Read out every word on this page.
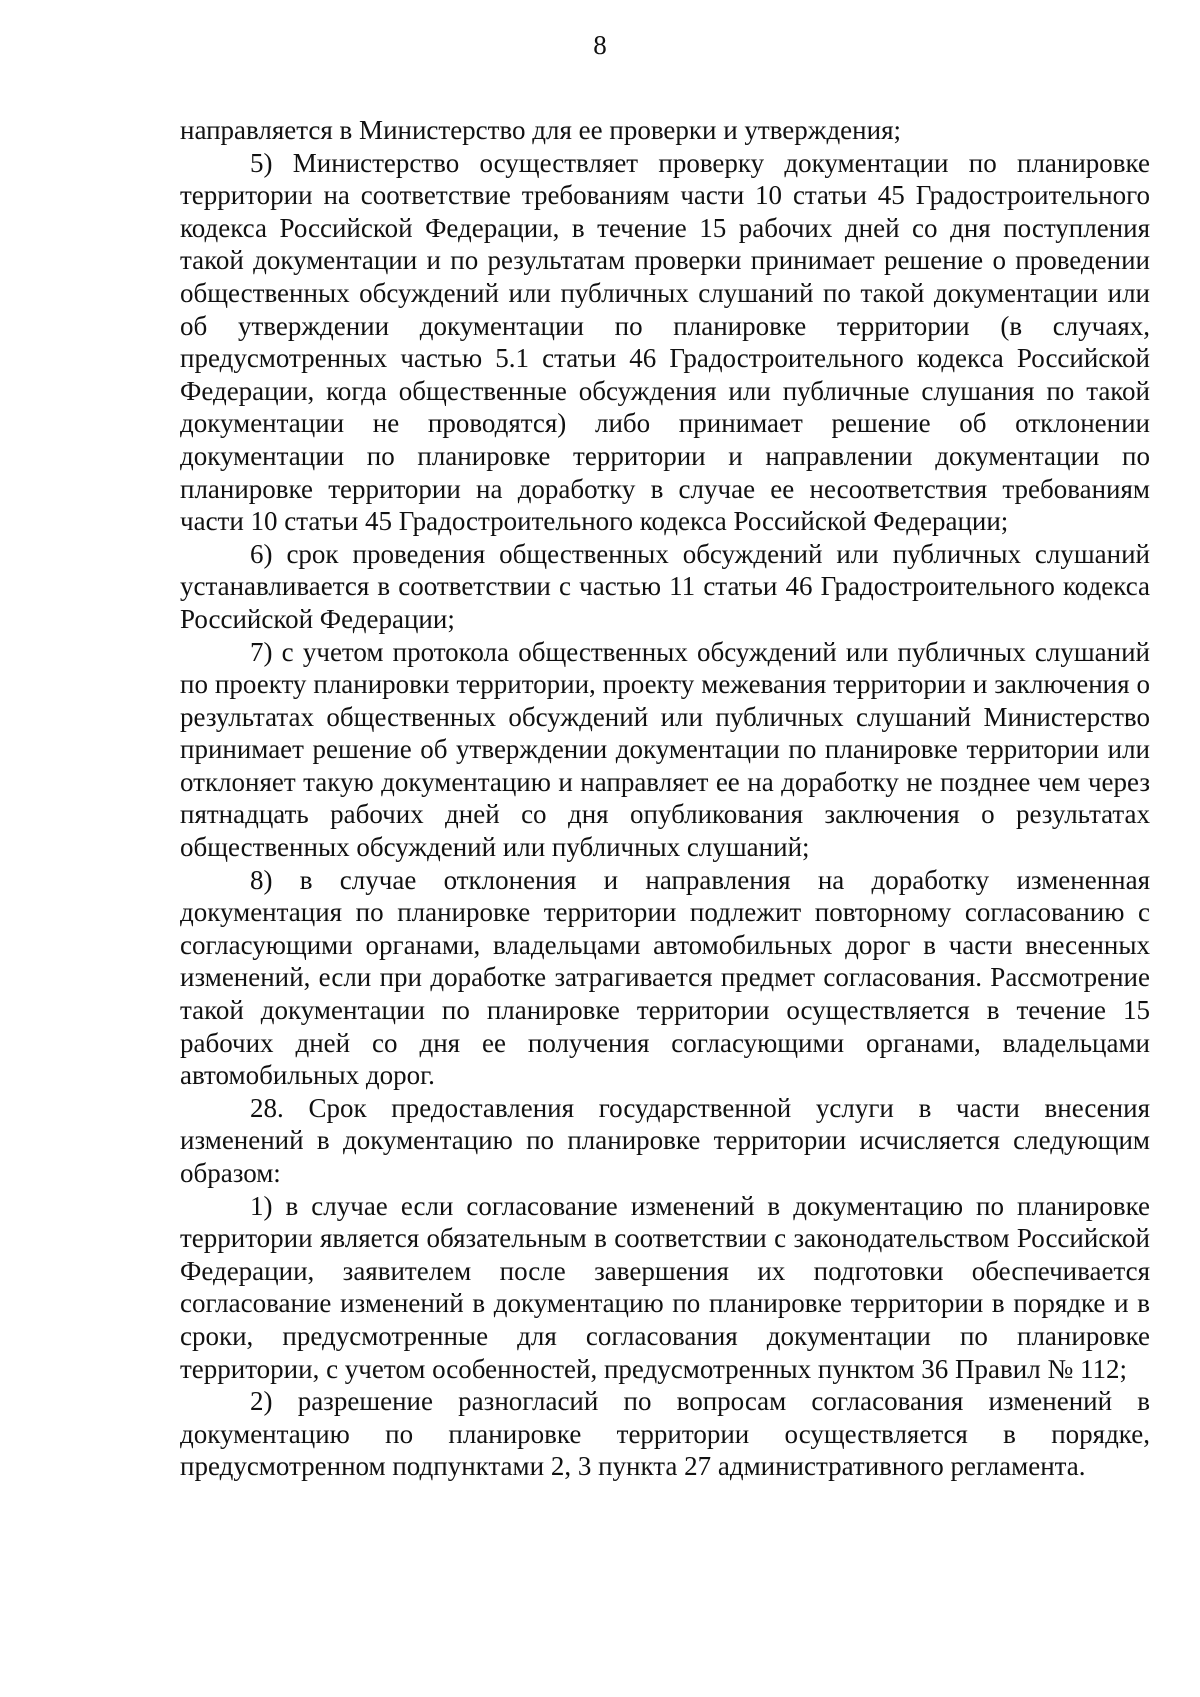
8

направляется в Министерство для ее проверки и утверждения;

5) Министерство осуществляет проверку документации по планировке территории на соответствие требованиям части 10 статьи 45 Градостроительного кодекса Российской Федерации, в течение 15 рабочих дней со дня поступления такой документации и по результатам проверки принимает решение о проведении общественных обсуждений или публичных слушаний по такой документации или об утверждении документации по планировке территории (в случаях, предусмотренных частью 5.1 статьи 46 Градостроительного кодекса Российской Федерации, когда общественные обсуждения или публичные слушания по такой документации не проводятся) либо принимает решение об отклонении документации по планировке территории и направлении документации по планировке территории на доработку в случае ее несоответствия требованиям части 10 статьи 45 Градостроительного кодекса Российской Федерации;

6) срок проведения общественных обсуждений или публичных слушаний устанавливается в соответствии с частью 11 статьи 46 Градостроительного кодекса Российской Федерации;

7) с учетом протокола общественных обсуждений или публичных слушаний по проекту планировки территории, проекту межевания территории и заключения о результатах общественных обсуждений или публичных слушаний Министерство принимает решение об утверждении документации по планировке территории или отклоняет такую документацию и направляет ее на доработку не позднее чем через пятнадцать рабочих дней со дня опубликования заключения о результатах общественных обсуждений или публичных слушаний;

8) в случае отклонения и направления на доработку измененная документация по планировке территории подлежит повторному согласованию с согласующими органами, владельцами автомобильных дорог в части внесенных изменений, если при доработке затрагивается предмет согласования. Рассмотрение такой документации по планировке территории осуществляется в течение 15 рабочих дней со дня ее получения согласующими органами, владельцами автомобильных дорог.

28. Срок предоставления государственной услуги в части внесения изменений в документацию по планировке территории исчисляется следующим образом:

1) в случае если согласование изменений в документацию по планировке территории является обязательным в соответствии с законодательством Российской Федерации, заявителем после завершения их подготовки обеспечивается согласование изменений в документацию по планировке территории в порядке и в сроки, предусмотренные для согласования документации по планировке территории, с учетом особенностей, предусмотренных пунктом 36 Правил № 112;

2) разрешение разногласий по вопросам согласования изменений в документацию по планировке территории осуществляется в порядке, предусмотренном подпунктами 2, 3 пункта 27 административного регламента.
